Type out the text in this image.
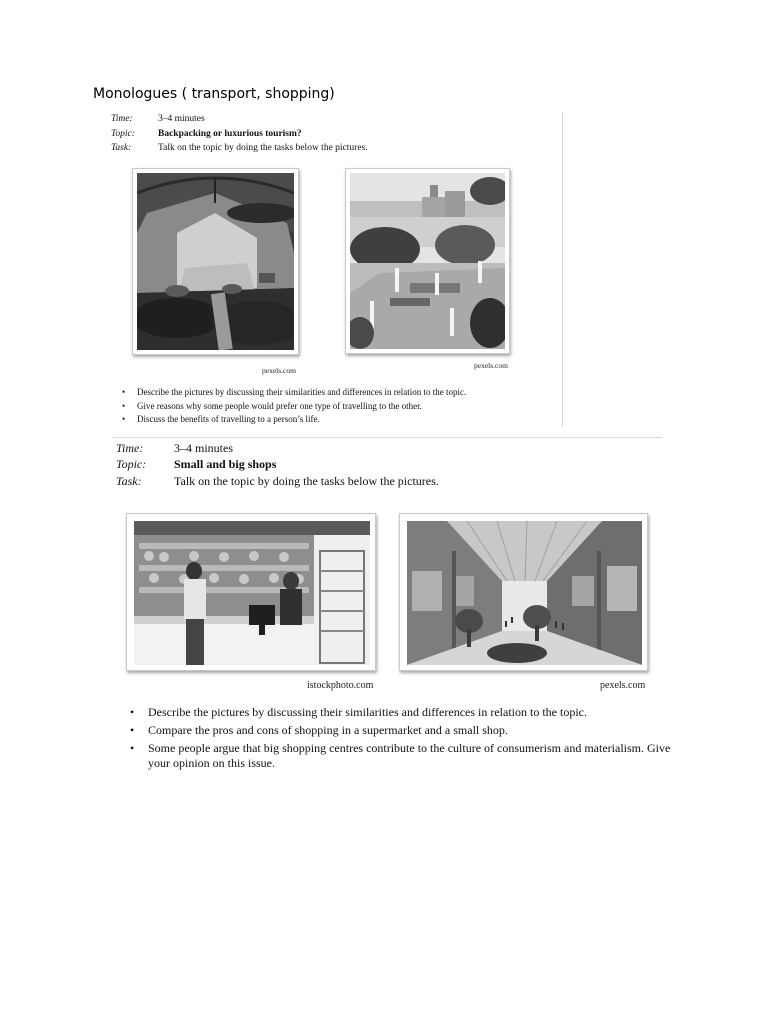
Monologues ( transport, shopping)
Time:	3–4 minutes
Topic: Backpacking or luxurious tourism?
Task:	Talk on the topic by doing the tasks below the pictures.
pexels.com
pexels.com
• Describe the pictures by discussing their similarities and differences in relation to the topic.
• Give reasons why some people would prefer one type of travelling to the other.
• Discuss the benefits of travelling to a person’s life.
Time:	3–4 minutes
Topic: Small and big shops
Task:	Talk on the topic by doing the tasks below the pictures.
istockphoto.com	pexels.com
• Describe the pictures by discussing their similarities and differences in relation to the topic.
• Compare the pros and cons of shopping in a supermarket and a small shop.
• Some people argue that big shopping centres contribute to the culture of consumerism and materialism. Give your opinion on this issue.
